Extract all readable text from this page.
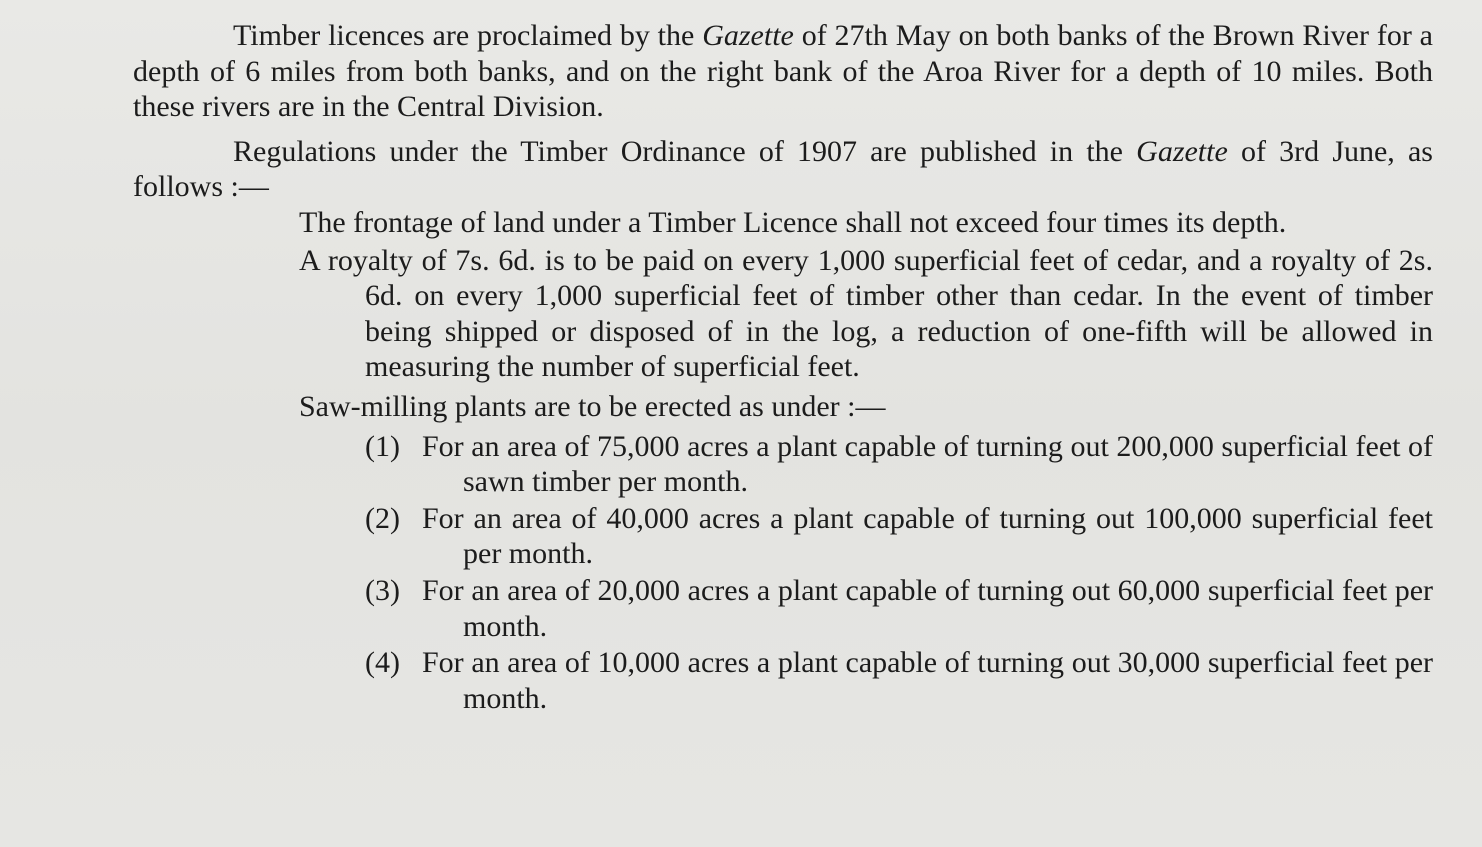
Timber licences are proclaimed by the Gazette of 27th May on both banks of the Brown River for a depth of 6 miles from both banks, and on the right bank of the Aroa River for a depth of 10 miles. Both these rivers are in the Central Division.

Regulations under the Timber Ordinance of 1907 are published in the Gazette of 3rd June, as follows :—

The frontage of land under a Timber Licence shall not exceed four times its depth.

A royalty of 7s. 6d. is to be paid on every 1,000 superficial feet of cedar, and a royalty of 2s. 6d. on every 1,000 superficial feet of timber other than cedar. In the event of timber being shipped or disposed of in the log, a reduction of one-fifth will be allowed in measuring the number of superficial feet.

Saw-milling plants are to be erected as under :—

(1) For an area of 75,000 acres a plant capable of turning out 200,000 superficial feet of sawn timber per month.
(2) For an area of 40,000 acres a plant capable of turning out 100,000 superficial feet per month.
(3) For an area of 20,000 acres a plant capable of turning out 60,000 superficial feet per month.
(4) For an area of 10,000 acres a plant capable of turning out 30,000 superficial feet per month.
